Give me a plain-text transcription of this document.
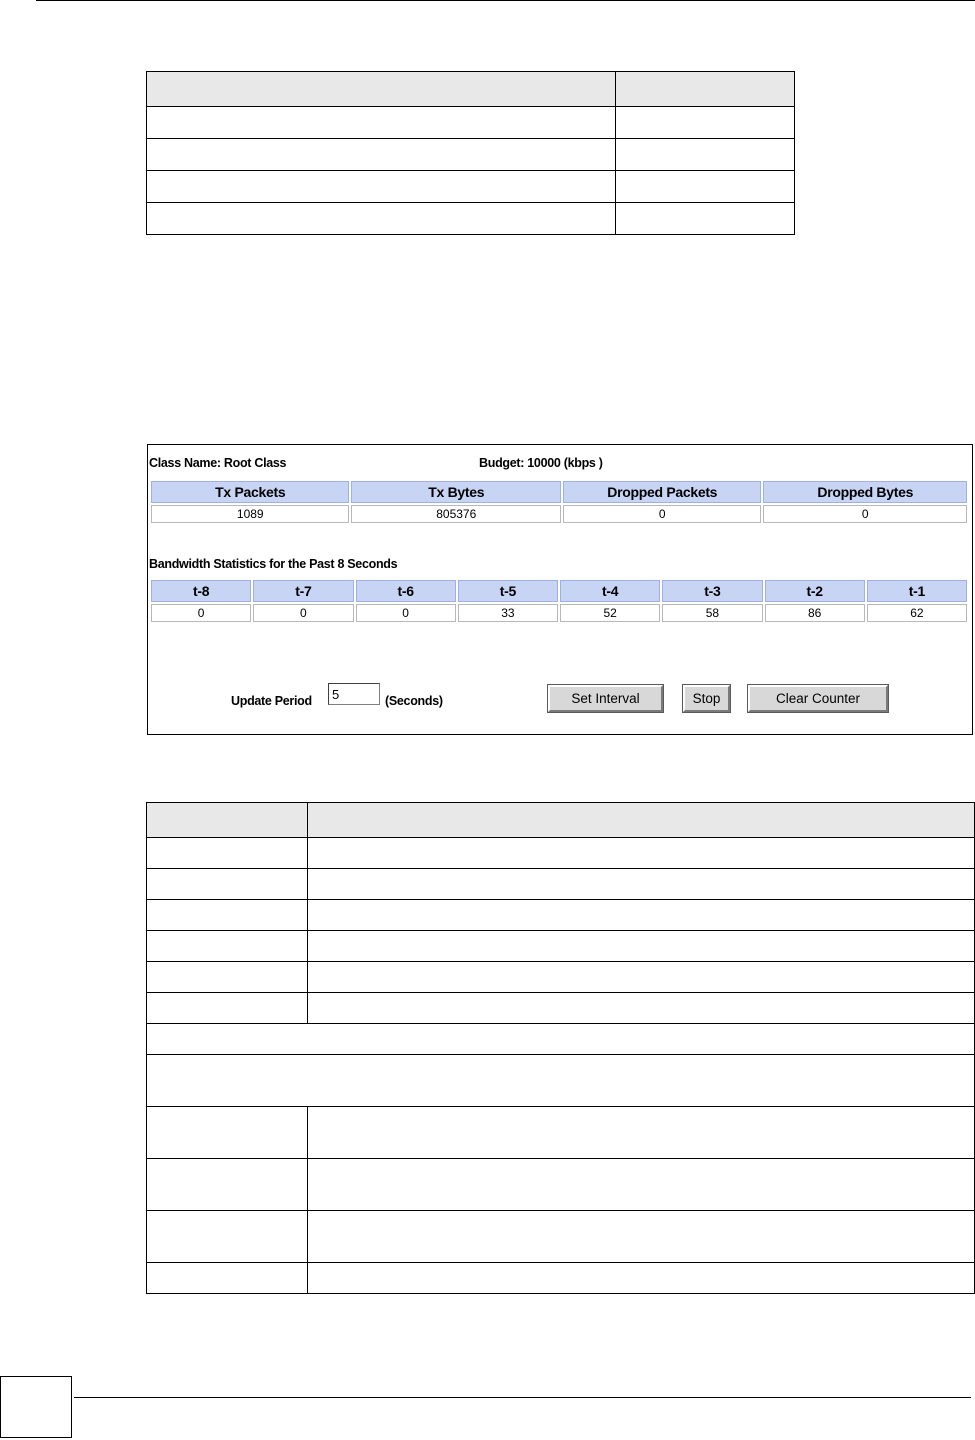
Class Name: Root Class	Budget: 10000 (kbps )
Tx Packets	Tx Bytes	Dropped Packets	Dropped Bytes
1089	805376	0	0
Bandwidth Statistics for the Past 8 Seconds
t-8	t-7	t-6	t-5	t-4	t-3	t-2	t-1
0	0	0	33	52	58	86	62
Update Period
5	(Seconds)	Set Interval	Stop	Clear Counter
